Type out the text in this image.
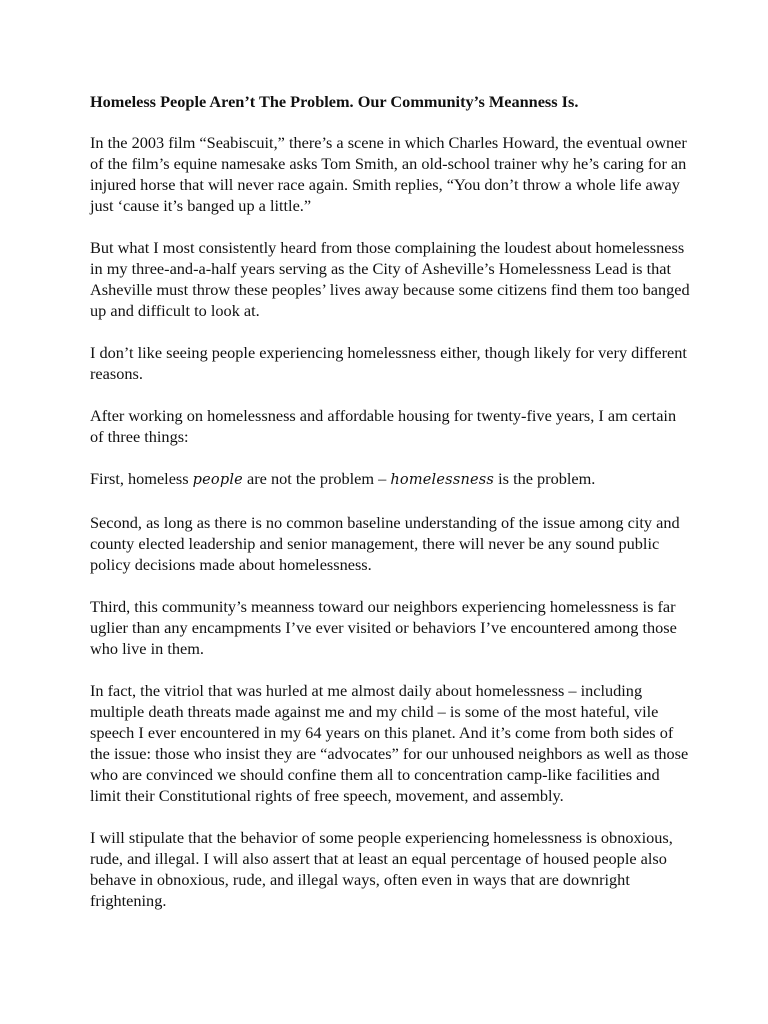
Homeless People Aren’t The Problem. Our Community’s Meanness Is.

In the 2003 film “Seabiscuit,” there’s a scene in which Charles Howard, the eventual owner of the film’s equine namesake asks Tom Smith, an old-school trainer why he’s caring for an injured horse that will never race again. Smith replies, “You don’t throw a whole life away just ‘cause it’s banged up a little.”

But what I most consistently heard from those complaining the loudest about homelessness in my three-and-a-half years serving as the City of Asheville’s Homelessness Lead is that Asheville must throw these peoples’ lives away because some citizens find them too banged up and difficult to look at.

I don’t like seeing people experiencing homelessness either, though likely for very different reasons.

After working on homelessness and affordable housing for twenty-five years, I am certain of three things:

First, homeless people are not the problem – homelessness is the problem.

Second, as long as there is no common baseline understanding of the issue among city and county elected leadership and senior management, there will never be any sound public policy decisions made about homelessness.

Third, this community’s meanness toward our neighbors experiencing homelessness is far uglier than any encampments I’ve ever visited or behaviors I’ve encountered among those who live in them.

In fact, the vitriol that was hurled at me almost daily about homelessness – including multiple death threats made against me and my child – is some of the most hateful, vile speech I ever encountered in my 64 years on this planet. And it’s come from both sides of the issue: those who insist they are “advocates” for our unhoused neighbors as well as those who are convinced we should confine them all to concentration camp-like facilities and limit their Constitutional rights of free speech, movement, and assembly.

I will stipulate that the behavior of some people experiencing homelessness is obnoxious, rude, and illegal. I will also assert that at least an equal percentage of housed people also behave in obnoxious, rude, and illegal ways, often even in ways that are downright frightening.
